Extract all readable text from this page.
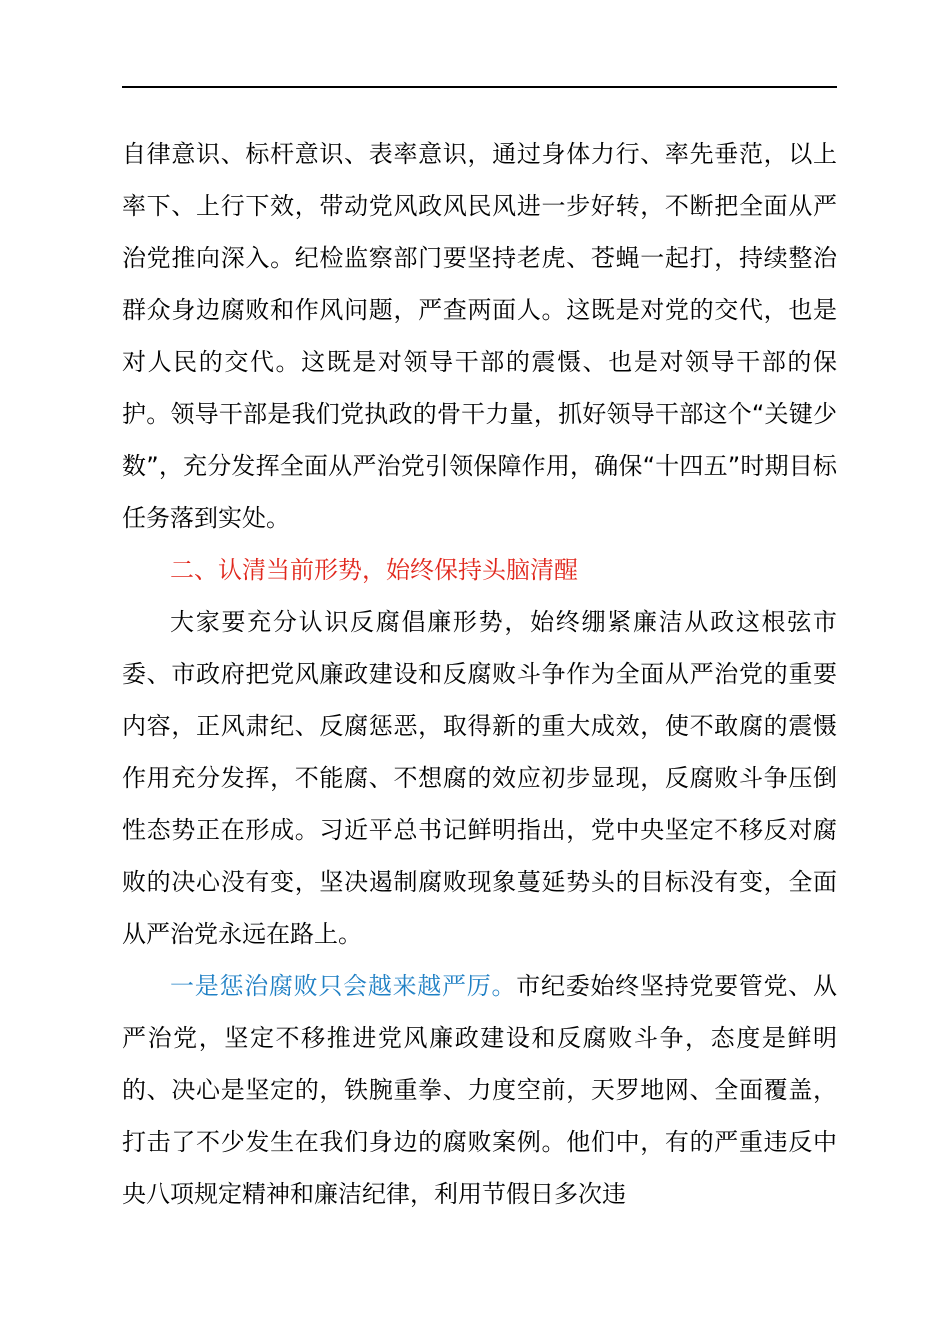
自律意识、标杆意识、表率意识，通过身体力行、率先垂范，以上率下、上行下效，带动党风政风民风进一步好转，不断把全面从严治党推向深入。纪检监察部门要坚持老虎、苍蝇一起打，持续整治群众身边腐败和作风问题，严查两面人。这既是对党的交代，也是对人民的交代。这既是对领导干部的震慑、也是对领导干部的保护。领导干部是我们党执政的骨干力量，抓好领导干部这个“关键少数”，充分发挥全面从严治党引领保障作用，确保“十四五”时期目标任务落到实处。

二、认清当前形势，始终保持头脑清醒

大家要充分认识反腐倡廉形势，始终绷紧廉洁从政这根弦市委、市政府把党风廉政建设和反腐败斗争作为全面从严治党的重要内容，正风肃纪、反腐惩恶，取得新的重大成效，使不敢腐的震慑作用充分发挥，不能腐、不想腐的效应初步显现，反腐败斗争压倒性态势正在形成。习近平总书记鲜明指出，党中央坚定不移反对腐败的决心没有变，坚决遏制腐败现象蔓延势头的目标没有变，全面从严治党永远在路上。

一是惩治腐败只会越来越严厉。市纪委始终坚持党要管党、从严治党，坚定不移推进党风廉政建设和反腐败斗争，态度是鲜明的、决心是坚定的，铁腕重拳、力度空前，天罗地网、全面覆盖，打击了不少发生在我们身边的腐败案例。他们中，有的严重违反中央八项规定精神和廉洁纪律，利用节假日多次违
